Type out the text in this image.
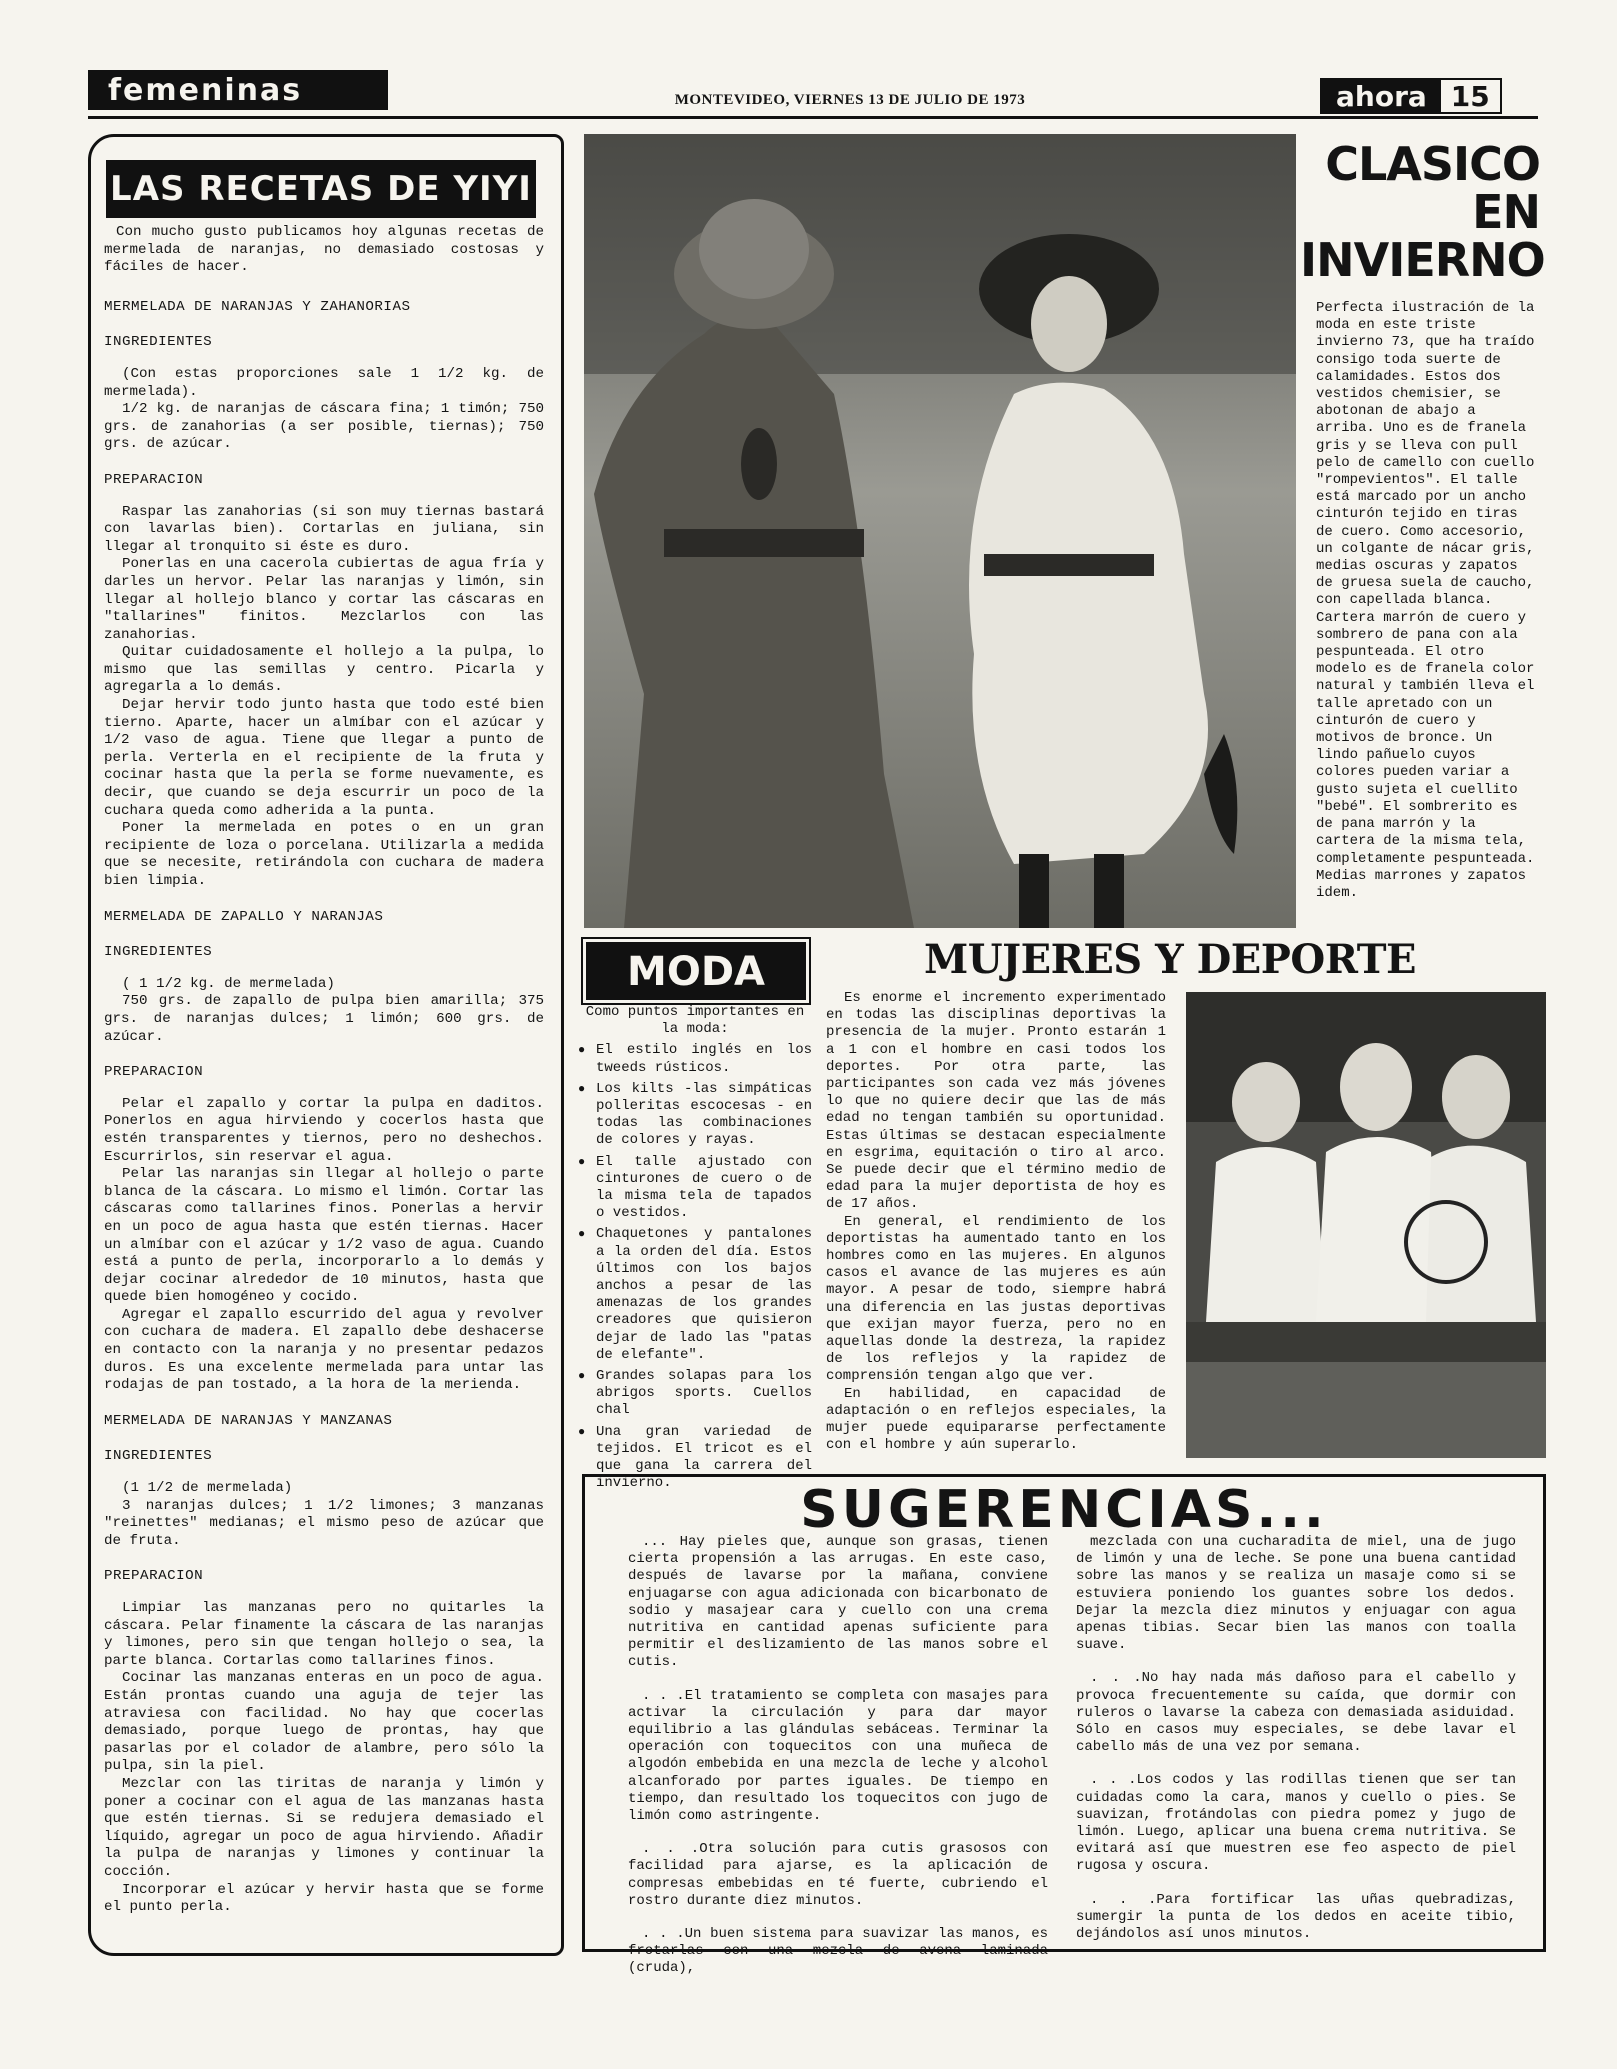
femeninas	MONTEVIDEO, VIERNES 13 DE JULIO DE 1973	ahora 15
LAS RECETAS DE YIYI

Con mucho gusto publicamos hoy algunas recetas de mermelada de naranjas, no demasiado costosas y fáciles de hacer.

MERMELADA DE NARANJAS Y ZAHANORIAS
INGREDIENTES

(Con estas proporciones sale 1 1/2 kg. de mermelada).

1/2 kg. de naranjas de cáscara fina; 1 timón; 750 grs. de zanahorias (a ser posible, tiernas); 750 grs. de azúcar.

PREPARACION

Raspar las zanahorias (si son muy tiernas bastará con lavarlas bien). Cortarlas en juliana, sin llegar al tronquito si éste es duro.

Ponerlas en una cacerola cubiertas de agua fría y darles un hervor. Pelar las naranjas y limón, sin llegar al hollejo blanco y cortar las cáscaras en "tallarines" finitos. Mezclarlos con las zanahorias.

Quitar cuidadosamente el hollejo a la pulpa, lo mismo que las semillas y centro. Picarla y agregarla a lo demás.

Dejar hervir todo junto hasta que todo esté bien tierno. Aparte, hacer un almíbar con el azúcar y 1/2 vaso de agua. Tiene que llegar a punto de perla. Verterla en el recipiente de la fruta y cocinar hasta que la perla se forme nuevamente, es decir, que cuando se deja escurrir un poco de la cuchara queda como adherida a la punta.

Poner la mermelada en potes o en un gran recipiente de loza o porcelana. Utilizarla a medida que se necesite, retirándola con cuchara de madera bien limpia.

MERMELADA DE ZAPALLO Y NARANJAS
INGREDIENTES

( 1 1/2 kg. de mermelada)

750 grs. de zapallo de pulpa bien amarilla; 375 grs. de naranjas dulces; 1 limón; 600 grs. de azúcar.

PREPARACION

Pelar el zapallo y cortar la pulpa en daditos. Ponerlos en agua hirviendo y cocerlos hasta que estén transparentes y tiernos, pero no deshechos. Escurrirlos, sin reservar el agua.

Pelar las naranjas sin llegar al hollejo o parte blanca de la cáscara. Lo mismo el limón. Cortar las cáscaras como tallarines finos. Ponerlas a hervir en un poco de agua hasta que estén tiernas. Hacer un almíbar con el azúcar y 1/2 vaso de agua. Cuando está a punto de perla, incorporarlo a lo demás y dejar cocinar alrededor de 10 minutos, hasta que quede bien homogéneo y cocido.

Agregar el zapallo escurrido del agua y revolver con cuchara de madera. El zapallo debe deshacerse en contacto con la naranja y no presentar pedazos duros. Es una excelente mermelada para untar las rodajas de pan tostado, a la hora de la merienda.

MERMELADA DE NARANJAS Y MANZANAS
INGREDIENTES

(1 1/2 de mermelada)

3 naranjas dulces; 1 1/2 limones; 3 manzanas "reinettes" medianas; el mismo peso de azúcar que de fruta.

PREPARACION

Limpiar las manzanas pero no quitarles la cáscara. Pelar finamente la cáscara de las naranjas y limones, pero sin que tengan hollejo o sea, la parte blanca. Cortarlas como tallarines finos.

Cocinar las manzanas enteras en un poco de agua. Están prontas cuando una aguja de tejer las atraviesa con facilidad. No hay que cocerlas demasiado, porque luego de prontas, hay que pasarlas por el colador de alambre, pero sólo la pulpa, sin la piel.

Mezclar con las tiritas de naranja y limón y poner a cocinar con el agua de las manzanas hasta que estén tiernas. Si se redujera demasiado el líquido, agregar un poco de agua hirviendo. Añadir la pulpa de naranjas y limones y continuar la cocción.

Incorporar el azúcar y hervir hasta que se forme el punto perla.

CLASICO
EN
INVIERNO
Perfecta ilustración de la moda en este triste invierno 73, que ha traído consigo toda suerte de calamidades. Estos dos vestidos chemisier, se abotonan de abajo a arriba. Uno es de franela gris y se lleva con pull pelo de camello con cuello "rompevientos". El talle está marcado por un ancho cinturón tejido en tiras de cuero. Como accesorio, un colgante de nácar gris, medias oscuras y zapatos de gruesa suela de caucho, con capellada blanca. Cartera marrón de cuero y sombrero de pana con ala pespunteada. El otro modelo es de franela color natural y también lleva el talle apretado con un cinturón de cuero y motivos de bronce. Un lindo pañuelo cuyos colores pueden variar a gusto sujeta el cuellito "bebé". El sombrerito es de pana marrón y la cartera de la misma tela, completamente pespunteada. Medias marrones y zapatos idem.
MODA

Como puntos importantes en la moda:

● El estilo inglés en los tweeds rústicos.
● Los kilts -las simpáticas polleritas escocesas - en todas las combinaciones de colores y rayas.
● El talle ajustado con cinturones de cuero o de la misma tela de tapados o vestidos.
● Chaquetones y pantalones a la orden del día. Estos últimos con los bajos anchos a pesar de las amenazas de los grandes creadores que quisieron dejar de lado las "patas de elefante".
● Grandes solapas para los abrigos sports. Cuellos chal
● Una gran variedad de tejidos. El tricot es el que gana la carrera del invierno.
MUJERES Y DEPORTE

Es enorme el incremento experimentado en todas las disciplinas deportivas la presencia de la mujer. Pronto estarán 1 a 1 con el hombre en casi todos los deportes. Por otra parte, las participantes son cada vez más jóvenes lo que no quiere decir que las de más edad no tengan también su oportunidad. Estas últimas se destacan especialmente en esgrima, equitación o tiro al arco. Se puede decir que el término medio de edad para la mujer deportista de hoy es de 17 años.

En general, el rendimiento de los deportistas ha aumentado tanto en los hombres como en las mujeres. En algunos casos el avance de las mujeres es aún mayor. A pesar de todo, siempre habrá una diferencia en las justas deportivas que exijan mayor fuerza, pero no en aquellas donde la destreza, la rapidez de los reflejos y la rapidez de comprensión tengan algo que ver.

En habilidad, en capacidad de adaptación o en reflejos especiales, la mujer puede equipararse perfectamente con el hombre y aún superarlo.

SUGERENCIAS...

... Hay pieles que, aunque son grasas, tienen cierta propensión a las arrugas. En este caso, después de lavarse por la mañana, conviene enjuagarse con agua adicionada con bicarbonato de sodio y masajear cara y cuello con una crema nutritiva en cantidad apenas suficiente para permitir el deslizamiento de las manos sobre el cutis.

. . .El tratamiento se completa con masajes para activar la circulación y para dar mayor equilibrio a las glándulas sebáceas. Terminar la operación con toquecitos con una muñeca de algodón embebida en una mezcla de leche y alcohol alcanforado por partes iguales. De tiempo en tiempo, dan resultado los toquecitos con jugo de limón como astringente.

. . .Otra solución para cutis grasosos con facilidad para ajarse, es la aplicación de compresas embebidas en té fuerte, cubriendo el rostro durante diez minutos.

. . .Un buen sistema para suavizar las manos, es frotarlas con una mezcla de avena laminada (cruda),

mezclada con una cucharadita de miel, una de jugo de limón y una de leche. Se pone una buena cantidad sobre las manos y se realiza un masaje como si se estuviera poniendo los guantes sobre los dedos. Dejar la mezcla diez minutos y enjuagar con agua apenas tibias. Secar bien las manos con toalla suave.

. . .No hay nada más dañoso para el cabello y provoca frecuentemente su caída, que dormir con ruleros o lavarse la cabeza con demasiada asiduidad. Sólo en casos muy especiales, se debe lavar el cabello más de una vez por semana.

. . .Los codos y las rodillas tienen que ser tan cuidadas como la cara, manos y cuello o pies. Se suavizan, frotándolas con piedra pomez y jugo de limón. Luego, aplicar una buena crema nutritiva. Se evitará así que muestren ese feo aspecto de piel rugosa y oscura.

. . .Para fortificar las uñas quebradizas, sumergir la punta de los dedos en aceite tibio, dejándolos así unos minutos.
